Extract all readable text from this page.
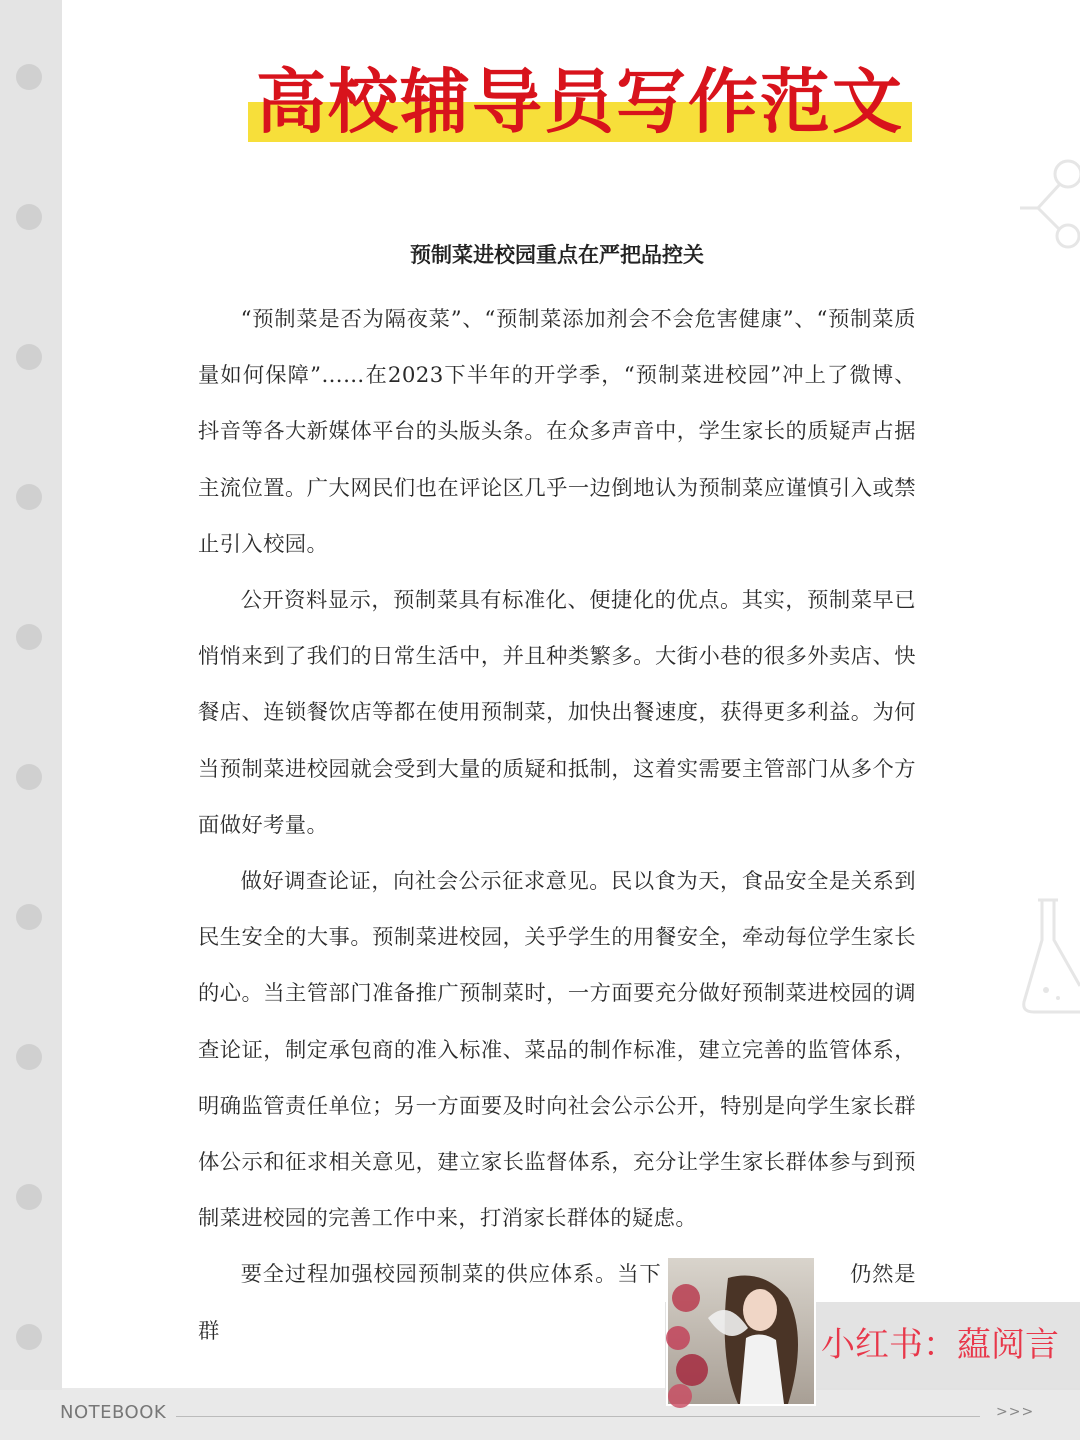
高校辅导员写作范文
预制菜进校园重点在严把品控关

“预制菜是否为隔夜菜”、“预制菜添加剂会不会危害健康”、“预制菜质量如何保障”……在2023下半年的开学季，“预制菜进校园”冲上了微博、抖音等各大新媒体平台的头版头条。在众多声音中，学生家长的质疑声占据主流位置。广大网民们也在评论区几乎一边倒地认为预制菜应谨慎引入或禁止引入校园。

公开资料显示，预制菜具有标准化、便捷化的优点。其实，预制菜早已悄悄来到了我们的日常生活中，并且种类繁多。大街小巷的很多外卖店、快餐店、连锁餐饮店等都在使用预制菜，加快出餐速度，获得更多利益。为何当预制菜进校园就会受到大量的质疑和抵制，这着实需要主管部门从多个方面做好考量。

做好调查论证，向社会公示征求意见。民以食为天，食品安全是关系到民生安全的大事。预制菜进校园，关乎学生的用餐安全，牵动每位学生家长的心。当主管部门准备推广预制菜时，一方面要充分做好预制菜进校园的调查论证，制定承包商的准入标准、菜品的制作标准，建立完善的监管体系，明确监管责任单位；另一方面要及时向社会公示公开，特别是向学生家长群体公示和征求相关意见，建立家长监督体系，充分让学生家长群体参与到预制菜进校园的完善工作中来，打消家长群体的疑虑。

要全过程加强校园预制菜的供应体系。当下	仍然是群	小红书：藴阅言
NOTEBOOK	>>>
